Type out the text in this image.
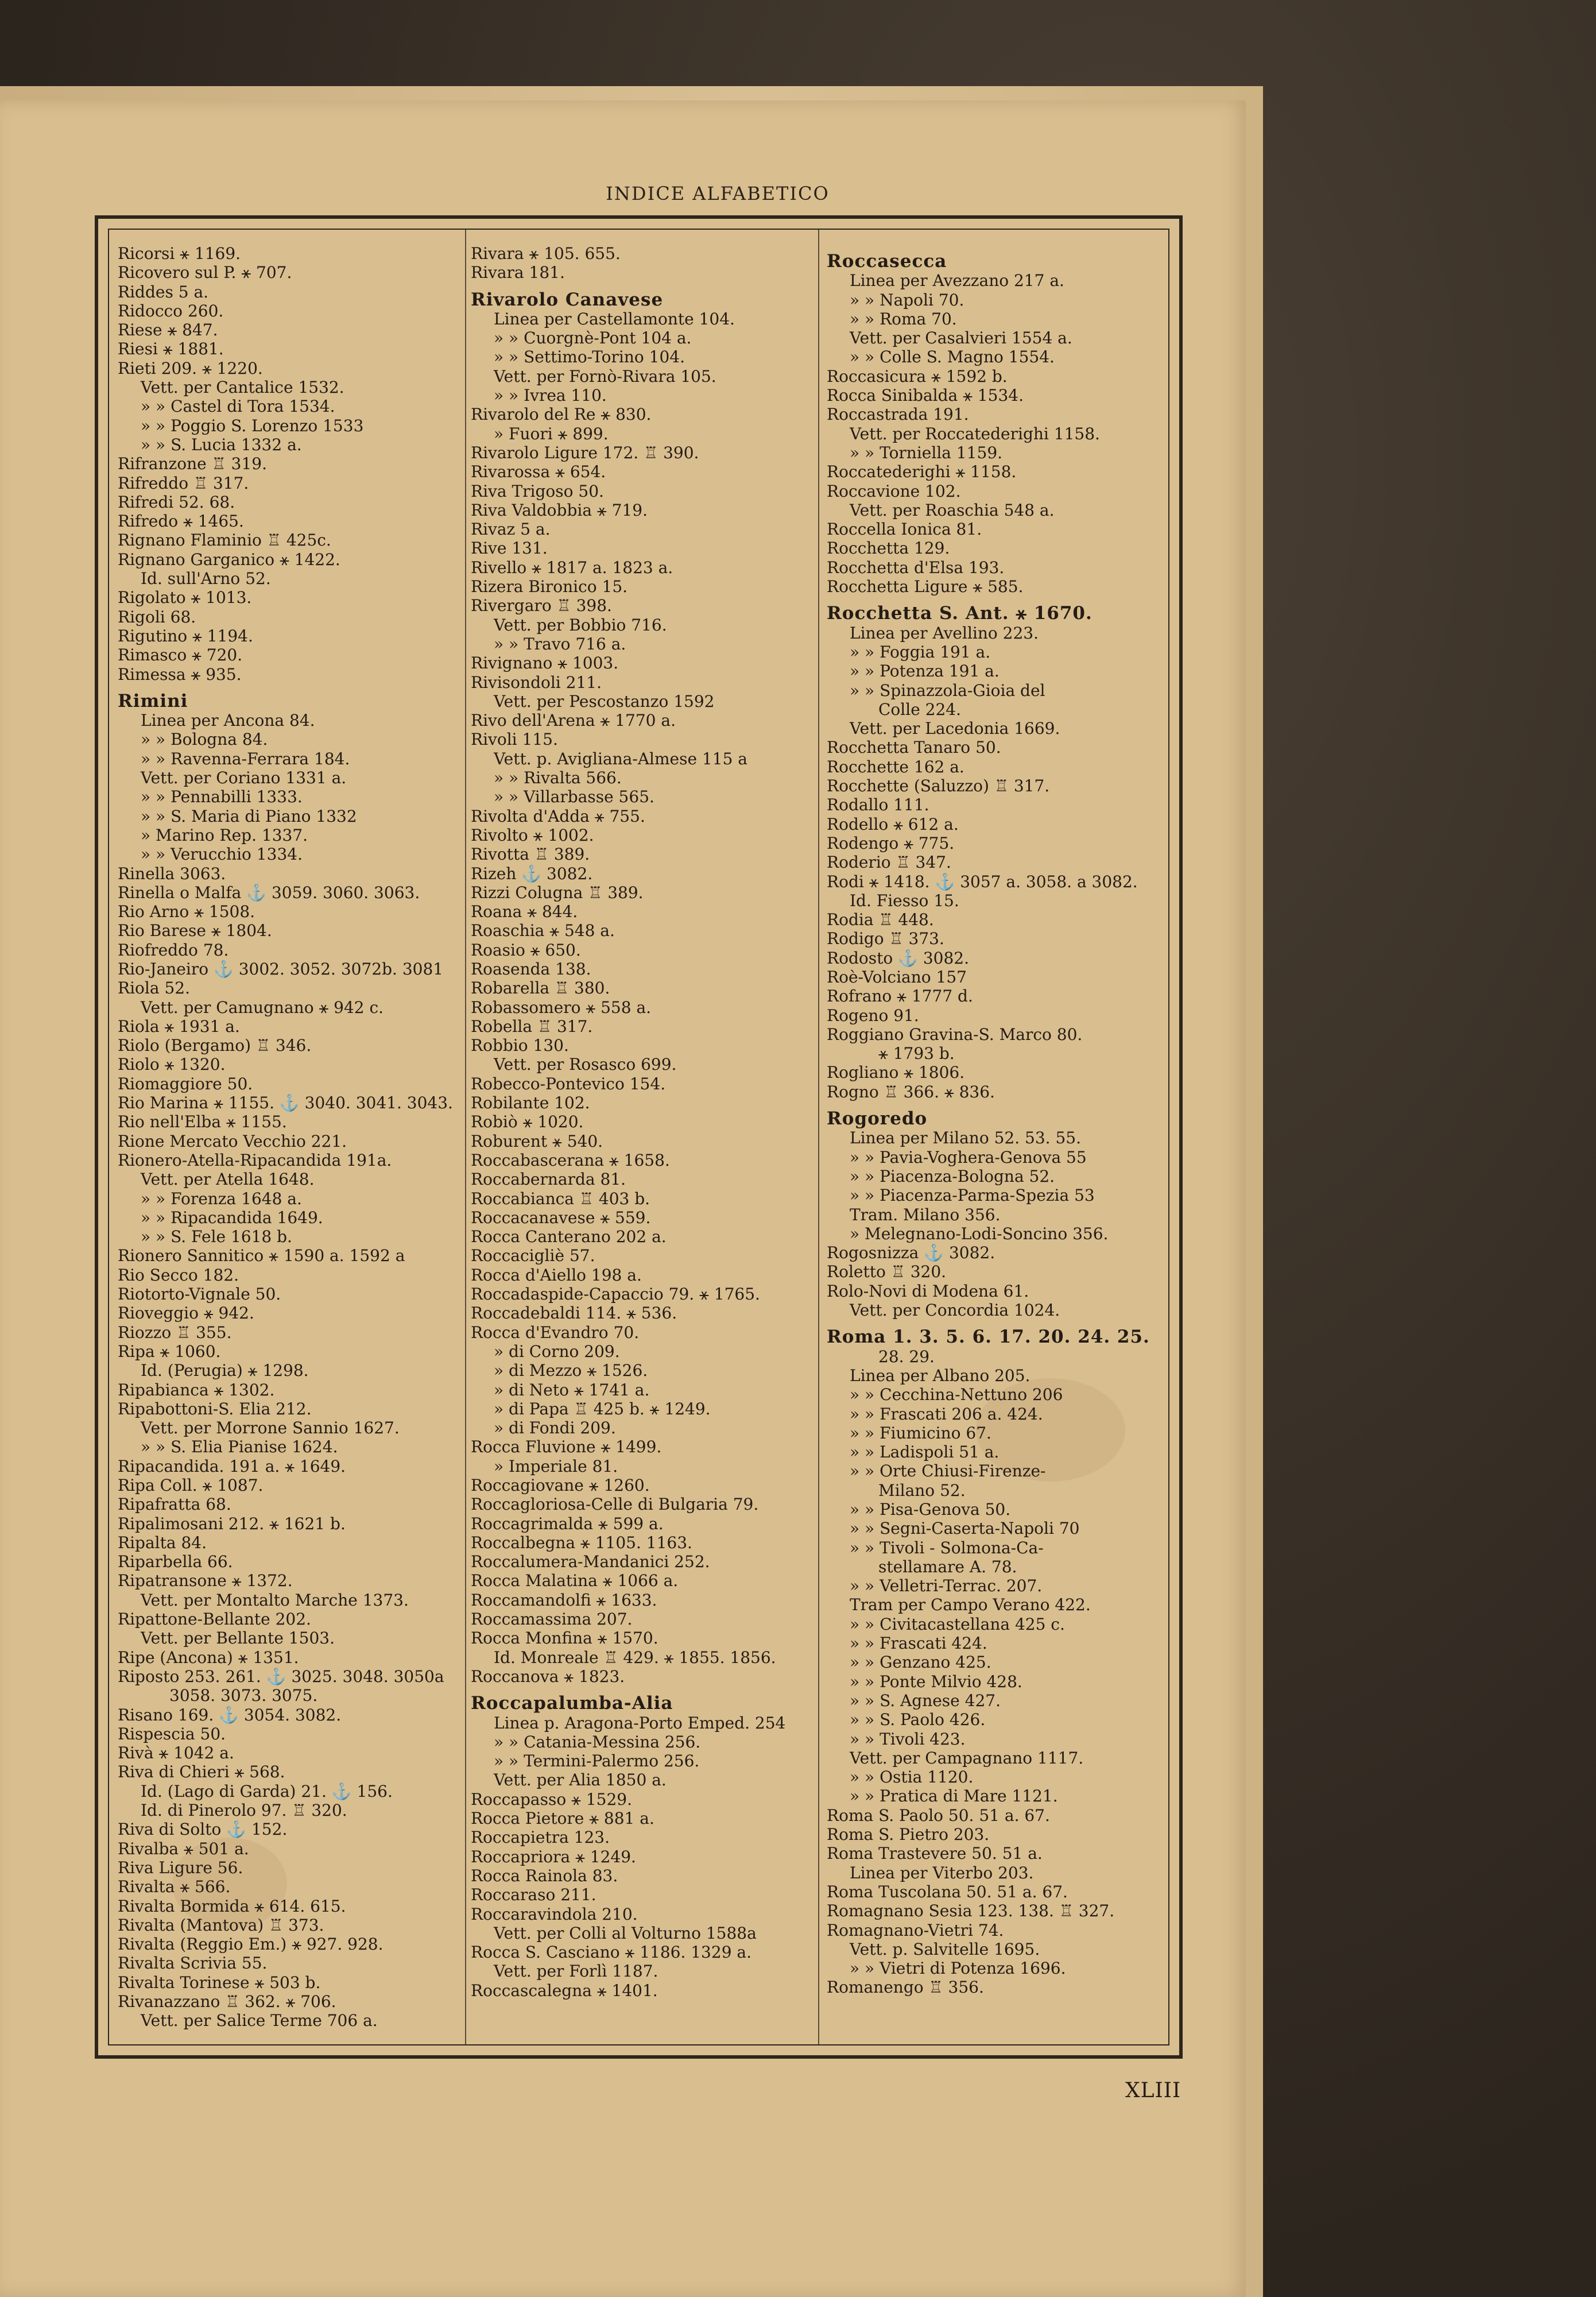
INDICE ALFABETICO
Ricorsi ⚹ 1169.
Ricovero sul P. ⚹ 707.
Riddes 5 a.
Ridocco 260.
Riese ⚹ 847.
Riesi ⚹ 1881.
Rieti 209. ⚹ 1220.
Vett. per Cantalice 1532.
» » Castel di Tora 1534.
» » Poggio S. Lorenzo 1533
» » S. Lucia 1332 a.
Rifranzone ♖ 319.
Rifreddo ♖ 317.
Rifredi 52. 68.
Rifredo ⚹ 1465.
Rignano Flaminio ♖ 425c.
Rignano Garganico ⚹ 1422.
Id. sull'Arno 52.
Rigolato ⚹ 1013.
Rigoli 68.
Rigutino ⚹ 1194.
Rimasco ⚹ 720.
Rimessa ⚹ 935.
Rimini
Linea per Ancona 84.
» » Bologna 84.
» » Ravenna-Ferrara 184.
Vett. per Coriano 1331 a.
» » Pennabilli 1333.
» » S. Maria di Piano 1332
» Marino Rep. 1337.
» » Verucchio 1334.
Rinella 3063.
Rinella o Malfa ⚓ 3059. 3060. 3063.
Rio Arno ⚹ 1508.
Rio Barese ⚹ 1804.
Riofreddo 78.
Rio-Janeiro ⚓ 3002. 3052. 3072b. 3081
Riola 52.
Vett. per Camugnano ⚹ 942 c.
Riola ⚹ 1931 a.
Riolo (Bergamo) ♖ 346.
Riolo ⚹ 1320.
Riomaggiore 50.
Rio Marina ⚹ 1155. ⚓ 3040. 3041. 3043.
Rio nell'Elba ⚹ 1155.
Rione Mercato Vecchio 221.
Rionero-Atella-Ripacandida 191a.
Vett. per Atella 1648.
» » Forenza 1648 a.
» » Ripacandida 1649.
» » S. Fele 1618 b.
Rionero Sannitico ⚹ 1590 a. 1592 a
Rio Secco 182.
Riotorto-Vignale 50.
Rioveggio ⚹ 942.
Riozzo ♖ 355.
Ripa ⚹ 1060.
Id. (Perugia) ⚹ 1298.
Ripabianca ⚹ 1302.
Ripabottoni-S. Elia 212.
Vett. per Morrone Sannio 1627.
» » S. Elia Pianise 1624.
Ripacandida. 191 a. ⚹ 1649.
Ripa Coll. ⚹ 1087.
Ripafratta 68.
Ripalimosani 212. ⚹ 1621 b.
Ripalta 84.
Riparbella 66.
Ripatransone ⚹ 1372.
Vett. per Montalto Marche 1373.
Ripattone-Bellante 202.
Vett. per Bellante 1503.
Ripe (Ancona) ⚹ 1351.
Riposto 253. 261. ⚓ 3025. 3048. 3050a
3058. 3073. 3075.
Risano 169. ⚓ 3054. 3082.
Rispescia 50.
Rivà ⚹ 1042 a.
Riva di Chieri ⚹ 568.
Id. (Lago di Garda) 21. ⚓ 156.
Id. di Pinerolo 97. ♖ 320.
Riva di Solto ⚓ 152.
Rivalba ⚹ 501 a.
Riva Ligure 56.
Rivalta ⚹ 566.
Rivalta Bormida ⚹ 614. 615.
Rivalta (Mantova) ♖ 373.
Rivalta (Reggio Em.) ⚹ 927. 928.
Rivalta Scrivia 55.
Rivalta Torinese ⚹ 503 b.
Rivanazzano ♖ 362. ⚹ 706.
Vett. per Salice Terme 706 a.
Rivara ⚹ 105. 655.
Rivara 181.
Rivarolo Canavese
Linea per Castellamonte 104.
» » Cuorgnè-Pont 104 a.
» » Settimo-Torino 104.
Vett. per Fornò-Rivara 105.
» » Ivrea 110.
Rivarolo del Re ⚹ 830.
» Fuori ⚹ 899.
Rivarolo Ligure 172. ♖ 390.
Rivarossa ⚹ 654.
Riva Trigoso 50.
Riva Valdobbia ⚹ 719.
Rivaz 5 a.
Rive 131.
Rivello ⚹ 1817 a. 1823 a.
Rizera Bironico 15.
Rivergaro ♖ 398.
Vett. per Bobbio 716.
» » Travo 716 a.
Rivignano ⚹ 1003.
Rivisondoli 211.
Vett. per Pescostanzo 1592
Rivo dell'Arena ⚹ 1770 a.
Rivoli 115.
Vett. p. Avigliana-Almese 115 a
» » Rivalta 566.
» » Villarbasse 565.
Rivolta d'Adda ⚹ 755.
Rivolto ⚹ 1002.
Rivotta ♖ 389.
Rizeh ⚓ 3082.
Rizzi Colugna ♖ 389.
Roana ⚹ 844.
Roaschia ⚹ 548 a.
Roasio ⚹ 650.
Roasenda 138.
Robarella ♖ 380.
Robassomero ⚹ 558 a.
Robella ♖ 317.
Robbio 130.
Vett. per Rosasco 699.
Robecco-Pontevico 154.
Robilante 102.
Robiò ⚹ 1020.
Roburent ⚹ 540.
Roccabascerana ⚹ 1658.
Roccabernarda 81.
Roccabianca ♖ 403 b.
Roccacanavese ⚹ 559.
Rocca Canterano 202 a.
Roccacigliè 57.
Rocca d'Aiello 198 a.
Roccadaspide-Capaccio 79. ⚹ 1765.
Roccadebaldi 114. ⚹ 536.
Rocca d'Evandro 70.
» di Corno 209.
» di Mezzo ⚹ 1526.
» di Neto ⚹ 1741 a.
» di Papa ♖ 425 b. ⚹ 1249.
» di Fondi 209.
Rocca Fluvione ⚹ 1499.
» Imperiale 81.
Roccagiovane ⚹ 1260.
Roccagloriosa-Celle di Bulgaria 79.
Roccagrimalda ⚹ 599 a.
Roccalbegna ⚹ 1105. 1163.
Roccalumera-Mandanici 252.
Rocca Malatina ⚹ 1066 a.
Roccamandolfi ⚹ 1633.
Roccamassima 207.
Rocca Monfina ⚹ 1570.
Id. Monreale ♖ 429. ⚹ 1855. 1856.
Roccanova ⚹ 1823.
Roccapalumba-Alia
Linea p. Aragona-Porto Emped. 254
» » Catania-Messina 256.
» » Termini-Palermo 256.
Vett. per Alia 1850 a.
Roccapasso ⚹ 1529.
Rocca Pietore ⚹ 881 a.
Roccapietra 123.
Roccapriora ⚹ 1249.
Rocca Rainola 83.
Roccaraso 211.
Roccaravindola 210.
Vett. per Colli al Volturno 1588a
Rocca S. Casciano ⚹ 1186. 1329 a.
Vett. per Forlì 1187.
Roccascalegna ⚹ 1401.
Roccasecca
Linea per Avezzano 217 a.
» » Napoli 70.
» » Roma 70.
Vett. per Casalvieri 1554 a.
» » Colle S. Magno 1554.
Roccasicura ⚹ 1592 b.
Rocca Sinibalda ⚹ 1534.
Roccastrada 191.
Vett. per Roccatederighi 1158.
» » Torniella 1159.
Roccatederighi ⚹ 1158.
Roccavione 102.
Vett. per Roaschia 548 a.
Roccella Ionica 81.
Rocchetta 129.
Rocchetta d'Elsa 193.
Rocchetta Ligure ⚹ 585.
Rocchetta S. Ant. ⚹ 1670.
Linea per Avellino 223.
» » Foggia 191 a.
» » Potenza 191 a.
» » Spinazzola-Gioia del
Colle 224.
Vett. per Lacedonia 1669.
Rocchetta Tanaro 50.
Rocchette 162 a.
Rocchette (Saluzzo) ♖ 317.
Rodallo 111.
Rodello ⚹ 612 a.
Rodengo ⚹ 775.
Roderio ♖ 347.
Rodi ⚹ 1418. ⚓ 3057 a. 3058. a 3082.
Id. Fiesso 15.
Rodia ♖ 448.
Rodigo ♖ 373.
Rodosto ⚓ 3082.
Roè-Volciano 157
Rofrano ⚹ 1777 d.
Rogeno 91.
Roggiano Gravina-S. Marco 80.
⚹ 1793 b.
Rogliano ⚹ 1806.
Rogno ♖ 366. ⚹ 836.
Rogoredo
Linea per Milano 52. 53. 55.
» » Pavia-Voghera-Genova 55
» » Piacenza-Bologna 52.
» » Piacenza-Parma-Spezia 53
Tram. Milano 356.
» Melegnano-Lodi-Soncino 356.
Rogosnizza ⚓ 3082.
Roletto ♖ 320.
Rolo-Novi di Modena 61.
Vett. per Concordia 1024.
Roma 1. 3. 5. 6. 17. 20. 24. 25.
28. 29.
Linea per Albano 205.
» » Cecchina-Nettuno 206
» » Frascati 206 a. 424.
» » Fiumicino 67.
» » Ladispoli 51 a.
» » Orte Chiusi-Firenze-
Milano 52.
» » Pisa-Genova 50.
» » Segni-Caserta-Napoli 70
» » Tivoli - Solmona-Ca-
stellamare A. 78.
» » Velletri-Terrac. 207.
Tram per Campo Verano 422.
» » Civitacastellana 425 c.
» » Frascati 424.
» » Genzano 425.
» » Ponte Milvio 428.
» » S. Agnese 427.
» » S. Paolo 426.
» » Tivoli 423.
Vett. per Campagnano 1117.
» » Ostia 1120.
» » Pratica di Mare 1121.
Roma S. Paolo 50. 51 a. 67.
Roma S. Pietro 203.
Roma Trastevere 50. 51 a.
Linea per Viterbo 203.
Roma Tuscolana 50. 51 a. 67.
Romagnano Sesia 123. 138. ♖ 327.
Romagnano-Vietri 74.
Vett. p. Salvitelle 1695.
» » Vietri di Potenza 1696.
Romanengo ♖ 356.
XLIII
